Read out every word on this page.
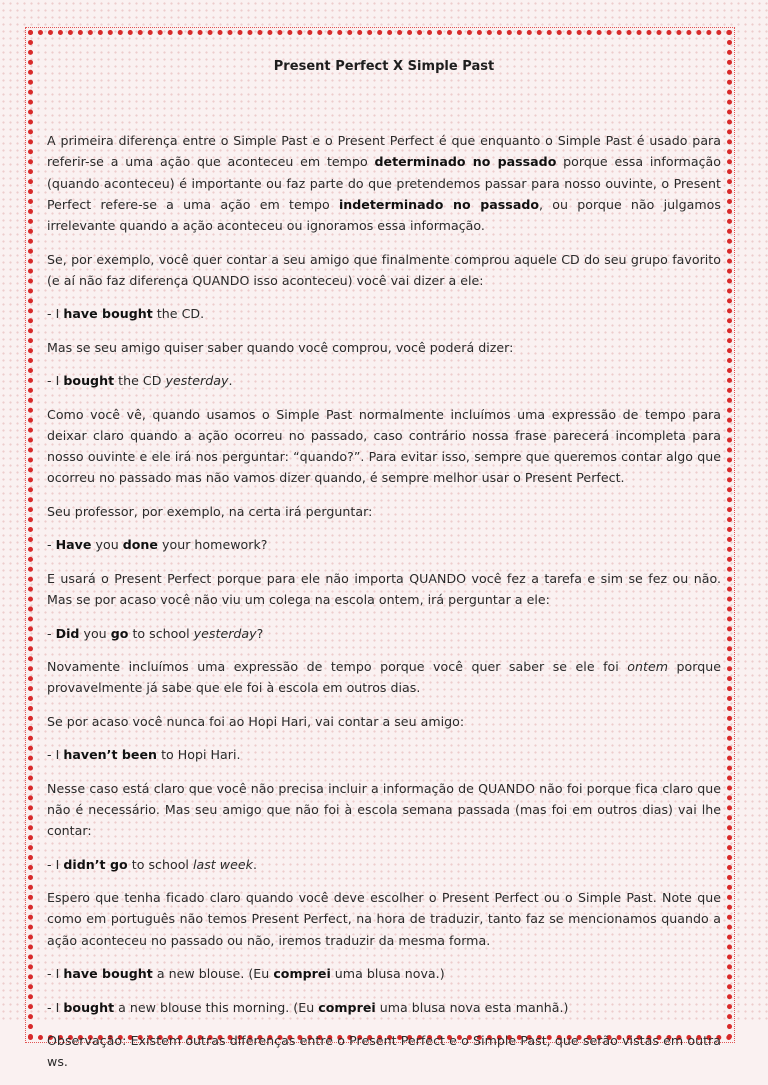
Present Perfect X Simple Past

A primeira diferença entre o Simple Past e o Present Perfect é que enquanto o Simple Past é usado para referir-se a uma ação que aconteceu em tempo determinado no passado porque essa informação (quando aconteceu) é importante ou faz parte do que pretendemos passar para nosso ouvinte, o Present Perfect refere-se a uma ação em tempo indeterminado no passado, ou porque não julgamos irrelevante quando a ação aconteceu ou ignoramos essa informação.

Se, por exemplo, você quer contar a seu amigo que finalmente comprou aquele CD do seu grupo favorito (e aí não faz diferença QUANDO isso aconteceu) você vai dizer a ele:

- I have bought the CD.

Mas se seu amigo quiser saber quando você comprou, você poderá dizer:

- I bought the CD yesterday.

Como você vê, quando usamos o Simple Past normalmente incluímos uma expressão de tempo para deixar claro quando a ação ocorreu no passado, caso contrário nossa frase parecerá incompleta para nosso ouvinte e ele irá nos perguntar: “quando?”. Para evitar isso, sempre que queremos contar algo que ocorreu no passado mas não vamos dizer quando, é sempre melhor usar o Present Perfect.

Seu professor, por exemplo, na certa irá perguntar:

- Have you done your homework?

E usará o Present Perfect porque para ele não importa QUANDO você fez a tarefa e sim se fez ou não. Mas se por acaso você não viu um colega na escola ontem, irá perguntar a ele:

- Did you go to school yesterday?

Novamente incluímos uma expressão de tempo porque você quer saber se ele foi ontem porque provavelmente já sabe que ele foi à escola em outros dias.

Se por acaso você nunca foi ao Hopi Hari, vai contar a seu amigo:

- I haven’t been to Hopi Hari.

Nesse caso está claro que você não precisa incluir a informação de QUANDO não foi porque fica claro que não é necessário. Mas seu amigo que não foi à escola semana passada (mas foi em outros dias) vai lhe contar:

- I didn’t go to school last week.

Espero que tenha ficado claro quando você deve escolher o Present Perfect ou o Simple Past. Note que como em português não temos Present Perfect, na hora de traduzir, tanto faz se mencionamos quando a ação aconteceu no passado ou não, iremos traduzir da mesma forma.

- I have bought a new blouse. (Eu comprei uma blusa nova.)

- I bought a new blouse this morning. (Eu comprei uma blusa nova esta manhã.)

Observação: Existem outras diferenças entre o Present Perfect e o Simple Past, que serão vistas em outra ws.
